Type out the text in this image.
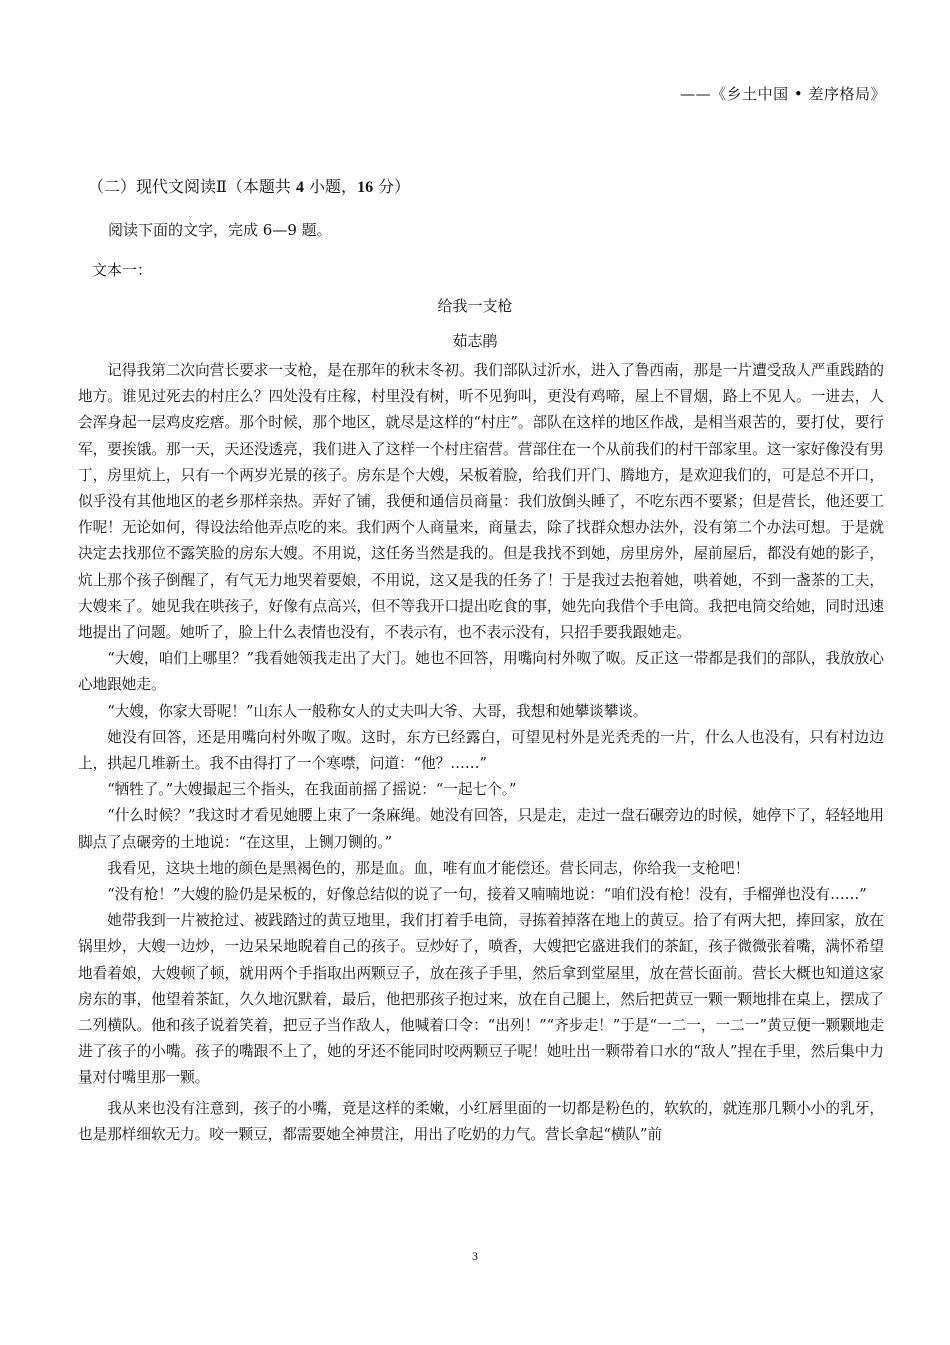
——《乡土中国 • 差序格局》
（二）现代文阅读Ⅱ（本题共 4 小题，16 分）
阅读下面的文字，完成 6—9 题。
文本一：
给我一支枪
茹志鹃

记得我第二次向营长要求一支枪，是在那年的秋末冬初。我们部队过沂水，进入了鲁西南，那是一片遭受敌人严重践踏的地方。谁见过死去的村庄么？四处没有庄稼，村里没有树，听不见狗叫，更没有鸡啼，屋上不冒烟，路上不见人。一进去，人会浑身起一层鸡皮疙瘩。那个时候，那个地区，就尽是这样的“村庄”。部队在这样的地区作战，是相当艰苦的，要打仗，要行军，要挨饿。那一天，天还没透亮，我们进入了这样一个村庄宿营。营部住在一个从前我们的村干部家里。这一家好像没有男丁，房里炕上，只有一个两岁光景的孩子。房东是个大嫂，呆板着脸，给我们开门、腾地方，是欢迎我们的，可是总不开口，似乎没有其他地区的老乡那样亲热。弄好了铺，我便和通信员商量：我们放倒头睡了，不吃东西不要紧；但是营长，他还要工作呢！无论如何，得设法给他弄点吃的来。我们两个人商量来，商量去，除了找群众想办法外，没有第二个办法可想。于是就决定去找那位不露笑脸的房东大嫂。不用说，这任务当然是我的。但是我找不到她，房里房外，屋前屋后，都没有她的影子，炕上那个孩子倒醒了，有气无力地哭着要娘，不用说，这又是我的任务了！于是我过去抱着她，哄着她，不到一盏茶的工夫，大嫂来了。她见我在哄孩子，好像有点高兴，但不等我开口提出吃食的事，她先向我借个手电筒。我把电筒交给她，同时迅速地提出了问题。她听了，脸上什么表情也没有，不表示有，也不表示没有，只招手要我跟她走。

“大嫂，咱们上哪里？”我看她领我走出了大门。她也不回答，用嘴向村外呶了呶。反正这一带都是我们的部队，我放放心心地跟她走。

“大嫂，你家大哥呢！”山东人一般称女人的丈夫叫大爷、大哥，我想和她攀谈攀谈。

她没有回答，还是用嘴向村外呶了呶。这时，东方已经露白，可望见村外是光秃秃的一片，什么人也没有，只有村边边上，拱起几堆新土。我不由得打了一个寒噤，问道：“他？……”

“牺牲了。”大嫂撮起三个指头，在我面前摇了摇说：“一起七个。”

“什么时候？”我这时才看见她腰上束了一条麻绳。她没有回答，只是走，走过一盘石碾旁边的时候，她停下了，轻轻地用脚点了点碾旁的土地说：“在这里，上铡刀铡的。”

我看见，这块土地的颜色是黑褐色的，那是血。血，唯有血才能偿还。营长同志，你给我一支枪吧！

“没有枪！”大嫂的脸仍是呆板的，好像总结似的说了一句，接着又喃喃地说：“咱们没有枪！没有，手榴弹也没有……”

她带我到一片被抢过、被践踏过的黄豆地里，我们打着手电筒，寻拣着掉落在地上的黄豆。拾了有两大把，捧回家，放在锅里炒，大嫂一边炒，一边呆呆地睨着自己的孩子。豆炒好了，喷香，大嫂把它盛进我们的茶缸，孩子微微张着嘴，满怀希望地看着娘，大嫂顿了顿，就用两个手指取出两颗豆子，放在孩子手里，然后拿到堂屋里，放在营长面前。营长大概也知道这家房东的事，他望着茶缸，久久地沉默着，最后，他把那孩子抱过来，放在自己腿上，然后把黄豆一颗一颗地排在桌上，摆成了二列横队。他和孩子说着笑着，把豆子当作敌人，他喊着口令：“出列！”“齐步走！”于是“一二一，一二一”黄豆便一颗颗地走进了孩子的小嘴。孩子的嘴跟不上了，她的牙还不能同时咬两颗豆子呢！她吐出一颗带着口水的“敌人”捏在手里，然后集中力量对付嘴里那一颗。

我从来也没有注意到，孩子的小嘴，竟是这样的柔嫩，小红唇里面的一切都是粉色的，软软的，就连那几颗小小的乳牙，也是那样细软无力。咬一颗豆，都需要她全神贯注，用出了吃奶的力气。营长拿起“横队”前

3
